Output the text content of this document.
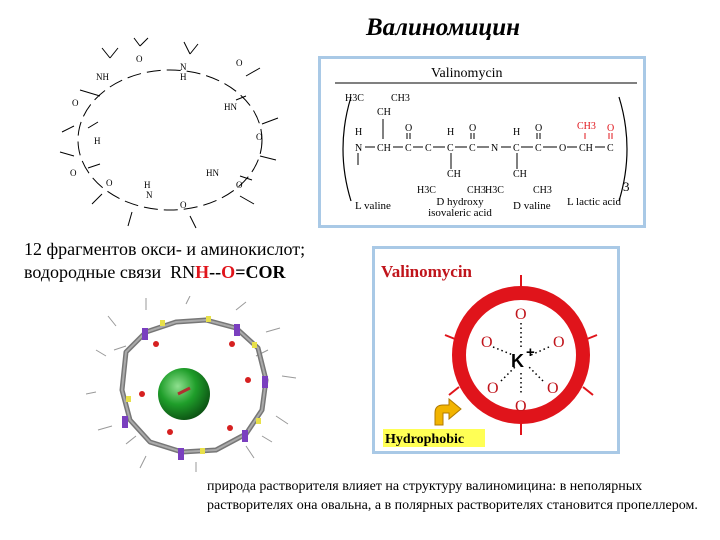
Валиномицин
NH
N
H
HN
H
HN
H
N
O
O	O
O
O
O	O
O
Valinomycin
3
N
H
CH C
O
C C
H
C
O
N C
H
C
O
O CH C
O
CH3
CH
H3C	CH3
CH
H3C	CH3
CH
H3C	CH3
L valine	D hydroxy isovaleric acid
D valine L lactic acid
12 фрагментов окси- и аминокислот;
водородные связи  RNH--O=COR	Valinomycin
O
O	O
O	O
O
K +
Hydrophobic
природа растворителя влияет на структуру валиномицина: в неполярных растворителях она овальна, а в полярных растворителях становится пропеллером.
